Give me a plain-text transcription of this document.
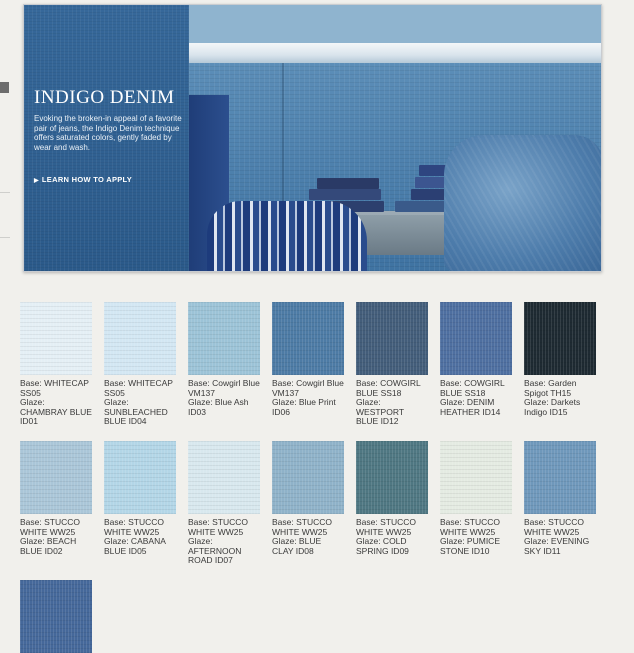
INDIGO DENIM

Evoking the broken-in appeal of a favorite pair of jeans, the Indigo Denim technique offers saturated colors, gently faded by wear and wash.

▶ LEARN HOW TO APPLY
Base: WHITECAP SS05
Glaze: CHAMBRAY BLUE ID01
Base: WHITECAP SS05
Glaze: SUNBLEACHED BLUE ID04
Base: Cowgirl Blue VM137
Glaze: Blue Ash ID03
Base: Cowgirl Blue VM137
Glaze: Blue Print ID06
Base: COWGIRL BLUE SS18
Glaze: WESTPORT BLUE ID12
Base: COWGIRL BLUE SS18
Glaze: DENIM HEATHER ID14
Base: Garden Spigot TH15
Glaze: Darkets Indigo ID15
Base: STUCCO WHITE WW25
Glaze: BEACH BLUE ID02
Base: STUCCO WHITE WW25
Glaze: CABANA BLUE ID05
Base: STUCCO WHITE WW25
Glaze: AFTERNOON ROAD ID07
Base: STUCCO WHITE WW25
Glaze: BLUE CLAY ID08
Base: STUCCO WHITE WW25
Glaze: COLD SPRING ID09
Base: STUCCO WHITE WW25
Glaze: PUMICE STONE ID10
Base: STUCCO WHITE WW25
Glaze: EVENING SKY ID11
